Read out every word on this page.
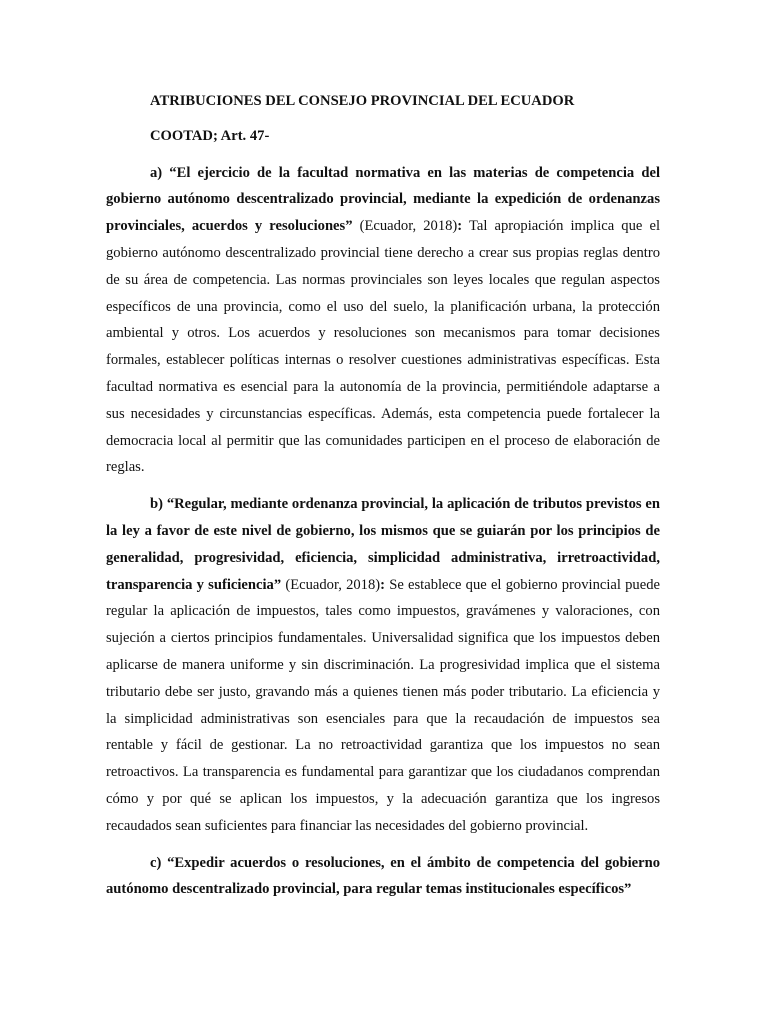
ATRIBUCIONES DEL CONSEJO PROVINCIAL DEL ECUADOR
COOTAD; Art. 47-

a) “El ejercicio de la facultad normativa en las materias de competencia del gobierno autónomo descentralizado provincial, mediante la expedición de ordenanzas provinciales, acuerdos y resoluciones” (Ecuador, 2018): Tal apropiación implica que el gobierno autónomo descentralizado provincial tiene derecho a crear sus propias reglas dentro de su área de competencia. Las normas provinciales son leyes locales que regulan aspectos específicos de una provincia, como el uso del suelo, la planificación urbana, la protección ambiental y otros. Los acuerdos y resoluciones son mecanismos para tomar decisiones formales, establecer políticas internas o resolver cuestiones administrativas específicas. Esta facultad normativa es esencial para la autonomía de la provincia, permitiéndole adaptarse a sus necesidades y circunstancias específicas. Además, esta competencia puede fortalecer la democracia local al permitir que las comunidades participen en el proceso de elaboración de reglas.

b) “Regular, mediante ordenanza provincial, la aplicación de tributos previstos en la ley a favor de este nivel de gobierno, los mismos que se guiarán por los principios de generalidad, progresividad, eficiencia, simplicidad administrativa, irretroactividad, transparencia y suficiencia” (Ecuador, 2018): Se establece que el gobierno provincial puede regular la aplicación de impuestos, tales como impuestos, gravámenes y valoraciones, con sujeción a ciertos principios fundamentales. Universalidad significa que los impuestos deben aplicarse de manera uniforme y sin discriminación. La progresividad implica que el sistema tributario debe ser justo, gravando más a quienes tienen más poder tributario. La eficiencia y la simplicidad administrativas son esenciales para que la recaudación de impuestos sea rentable y fácil de gestionar. La no retroactividad garantiza que los impuestos no sean retroactivos. La transparencia es fundamental para garantizar que los ciudadanos comprendan cómo y por qué se aplican los impuestos, y la adecuación garantiza que los ingresos recaudados sean suficientes para financiar las necesidades del gobierno provincial.

c) “Expedir acuerdos o resoluciones, en el ámbito de competencia del gobierno autónomo descentralizado provincial, para regular temas institucionales específicos”
